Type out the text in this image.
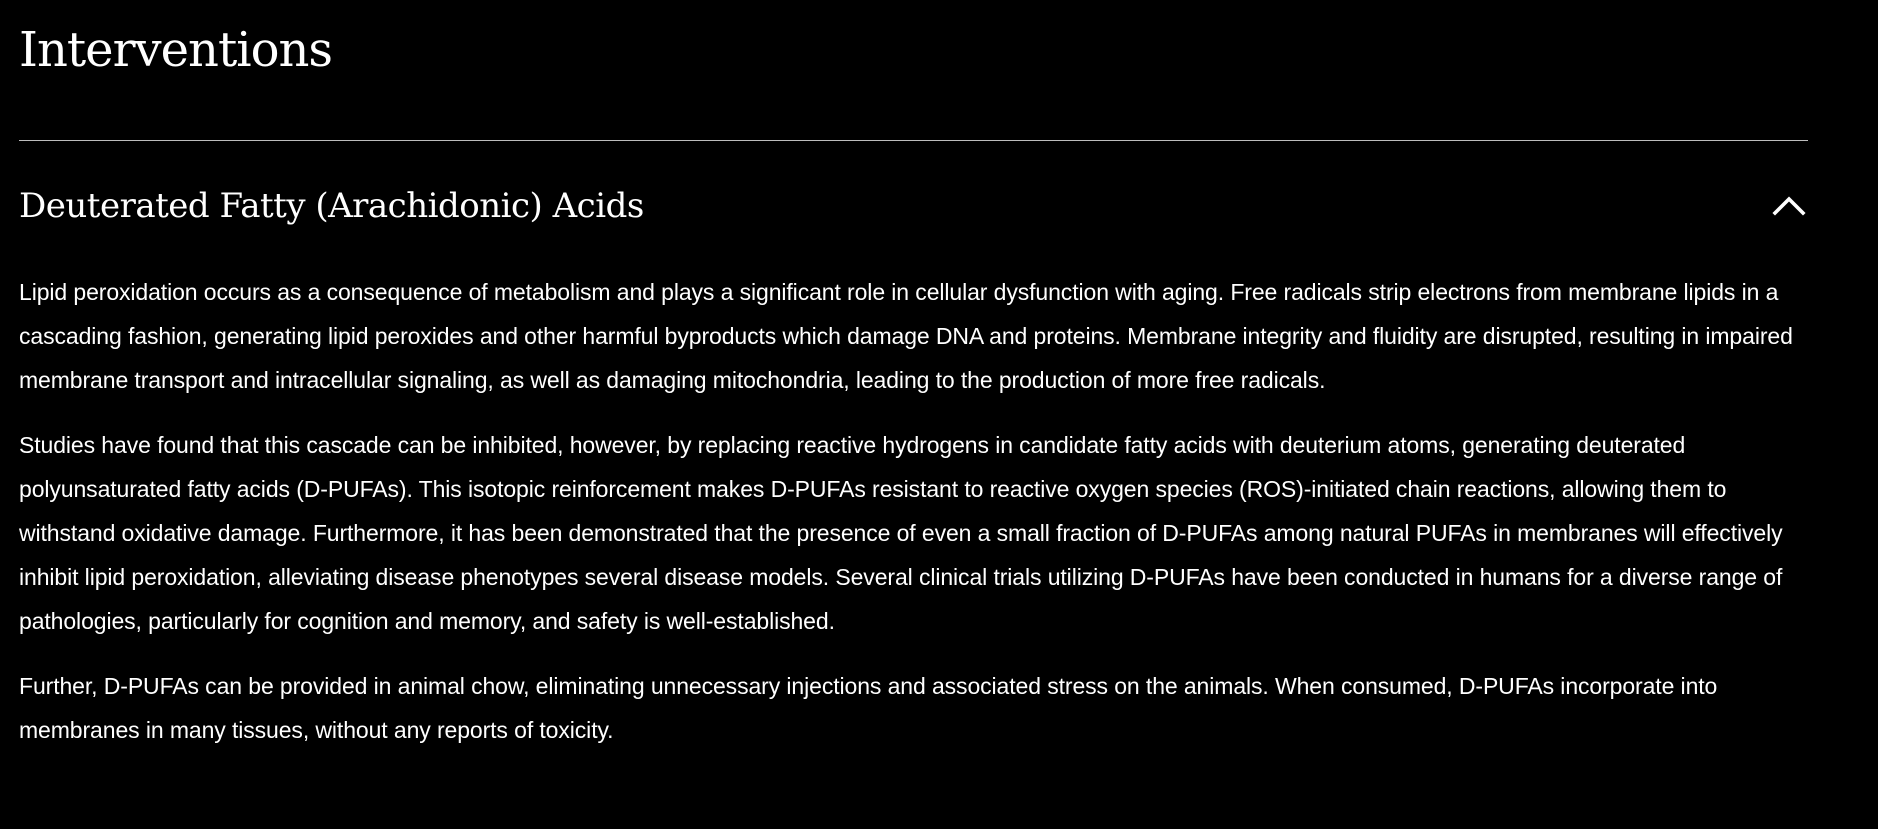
Interventions
Deuterated Fatty (Arachidonic) Acids

Lipid peroxidation occurs as a consequence of metabolism and plays a significant role in cellular dysfunction with aging. Free radicals strip electrons from membrane lipids in a cascading fashion, generating lipid peroxides and other harmful byproducts which damage DNA and proteins. Membrane integrity and fluidity are disrupted, resulting in impaired membrane transport and intracellular signaling, as well as damaging mitochondria, leading to the production of more free radicals.

Studies have found that this cascade can be inhibited, however, by replacing reactive hydrogens in candidate fatty acids with deuterium atoms, generating deuterated polyunsaturated fatty acids (D-PUFAs). This isotopic reinforcement makes D-PUFAs resistant to reactive oxygen species (ROS)-initiated chain reactions, allowing them to withstand oxidative damage. Furthermore, it has been demonstrated that the presence of even a small fraction of D-PUFAs among natural PUFAs in membranes will effectively inhibit lipid peroxidation, alleviating disease phenotypes several disease models. Several clinical trials utilizing D-PUFAs have been conducted in humans for a diverse range of pathologies, particularly for cognition and memory, and safety is well-established.

Further, D-PUFAs can be provided in animal chow, eliminating unnecessary injections and associated stress on the animals. When consumed, D-PUFAs incorporate into membranes in many tissues, without any reports of toxicity.
